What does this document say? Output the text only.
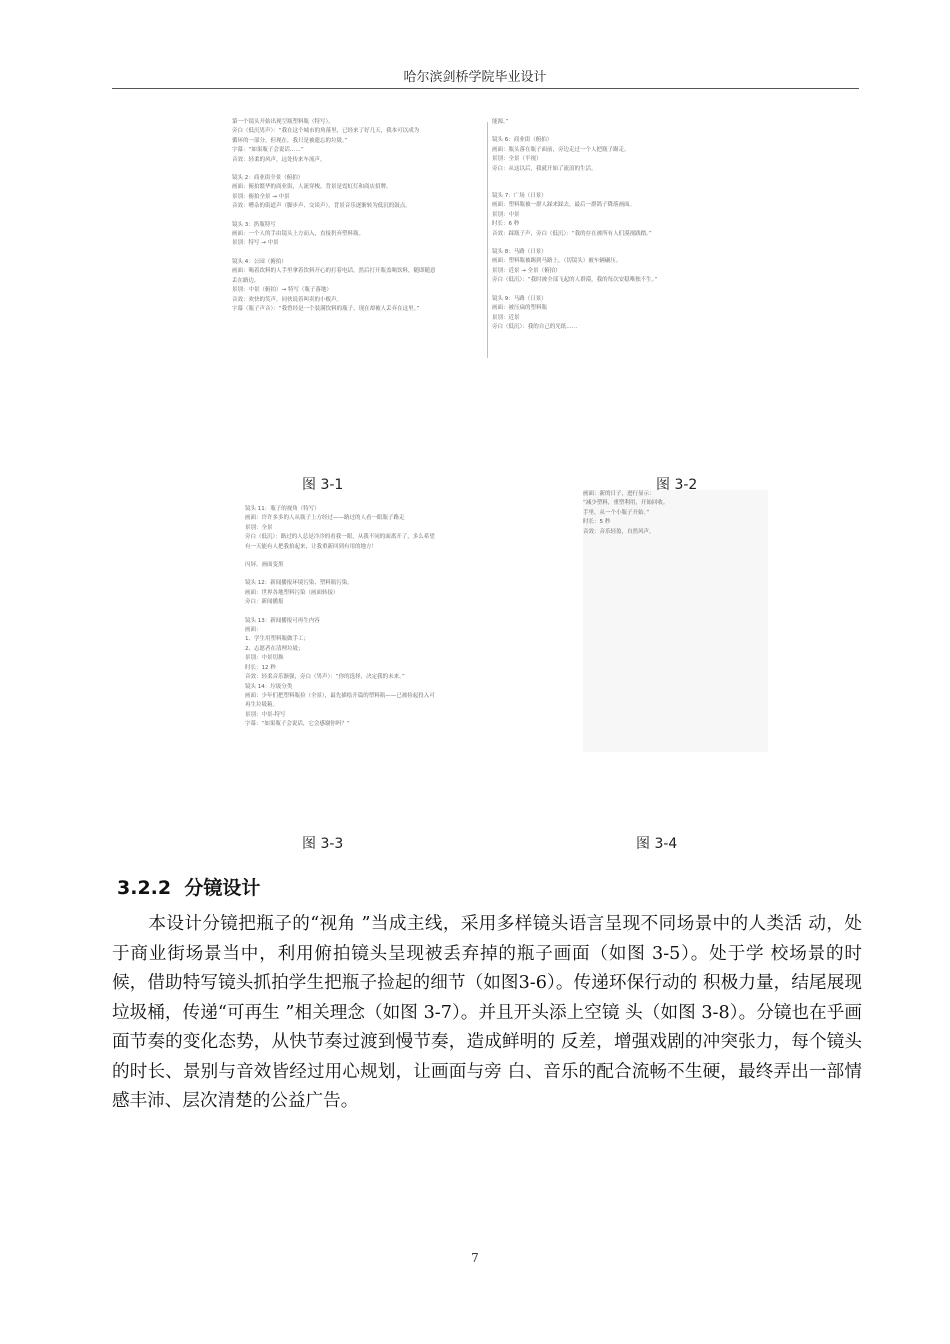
哈尔滨剑桥学院毕业设计
第一个镜头开始出现空瓶塑料瓶（特写）。
旁白（低沉男声）：“我在这个城市的角落里，已经来了好几天，我本可以成为
循环的一部分，但现在，我只是被遗忘的垃圾。”
字幕：“如果瓶子会说话……”
音效：轻柔的风声，远处传来车流声。
镜头 2：商业街全景（俯拍）
画面：俯拍繁华的商业街，人流穿梭，背景是霓虹灯和商店招牌。
景别：俯拍全景 → 中景
音效：嘈杂的街道声（脚步声、交谈声），背景音乐逐渐转为低沉的鼓点。
镜头 3：扔瓶特写
画面：一个人的手由镜头上方而入，直接扔弃塑料瓶。
景别：特写 → 中景
镜头 4：公园（俯拍）
画面：喝着饮料的人手里拿着饮料开心的打着电话，然后打开瓶盖喝饮料，随即随意
丢在路边。
景别：中景（俯拍）→ 特写（瓶子落地）
音效：欢快的笑声，同伙说着叫卖的小贩声。
字幕（瓶子声音）：“我曾经是一个装满饮料的瓶子，现在却被人丢弃在这里。”
能源。”
镜头 6：商业街（俯拍）
画面：瓶头落在瓶子面前，旁边走过一个人把瓶子踢走。
景别：全景（平视）
旁白：从这以后，我就开始了流浪的生活。
镜头 7：广场（日景）
画面：塑料瓶被一群人踩来踩去，最后一群鸽子降落画面。
景别：中景
时长：6 秒
音效：踩瓶子声，旁白（低沉）：“我的存在被所有人们漠视践踏。”
镜头 8：马路（日景）
画面：塑料瓶被踢到马路上，（切镜头）被车辆碾压。
景别：近景 → 全景（俯拍）
旁白（低沉）：“我时被全部飞起的人群漠，我的每次安稳唯独不生。”
镜头 9：马路（日景）
画面：被压扁的塑料瓶
景别：近景
旁白（低沉）：我的自己的光纸……
镜头 11：瓶子的视角（特写）
画面：许许多多的人从瓶子上方经过——路过的人看一眼瓶子路走
景别：全景
旁白（低沉）：路过的人总是冷冷的看我一眼，从我不同的面离开了，多么希望
有一天能有人把我拾起来，让我重新回到有用的地方！
闪屏、画面变黑
镜头 12：新闻播报环境污染、塑料瓶污染。
画面：世界各地塑料污染（画面转接）
旁白：新闻播报
镜头 13：新闻播报可再生内容
画面：
1、学生用塑料瓶做手工；
2、志愿者在清理垃圾；
景别：中景切换
时长：12 秒
音效：轻柔音乐渐强，旁白（男声）：“你的选择，决定我的未来。”
镜头 14：垃圾分类
画面：少年们把塑料瓶捡（全景），最先描绘开篇的塑料瓶——已被捡起投入可
再生垃圾箱。
景别：中景-特写
字幕：“如果瓶子会说话，它会感谢你吗？”
画面：新的日子，进行显示：
“减少塑料，重塑利用，开始回收。
手里，从一个小瓶子开始。”
时长：5 秒
音效：音乐轻盈，自然风声。
图 3-1	图 3-2
图 3-3	图 3-4
3.2.2 分镜设计
本设计分镜把瓶子的“视角 ”当成主线，采用多样镜头语言呈现不同场景中的人类活 动，处于商业街场景当中，利用俯拍镜头呈现被丢弃掉的瓶子画面（如图 3-5）。处于学 校场景的时候，借助特写镜头抓拍学生把瓶子捡起的细节（如图3-6）。传递环保行动的 积极力量，结尾展现垃圾桶，传递“可再生 ”相关理念（如图 3-7）。并且开头添上空镜 头（如图 3-8）。分镜也在乎画面节奏的变化态势，从快节奏过渡到慢节奏，造成鲜明的 反差，增强戏剧的冲突张力，每个镜头的时长、景别与音效皆经过用心规划，让画面与旁 白、音乐的配合流畅不生硬，最终弄出一部情感丰沛、层次清楚的公益广告。
7
